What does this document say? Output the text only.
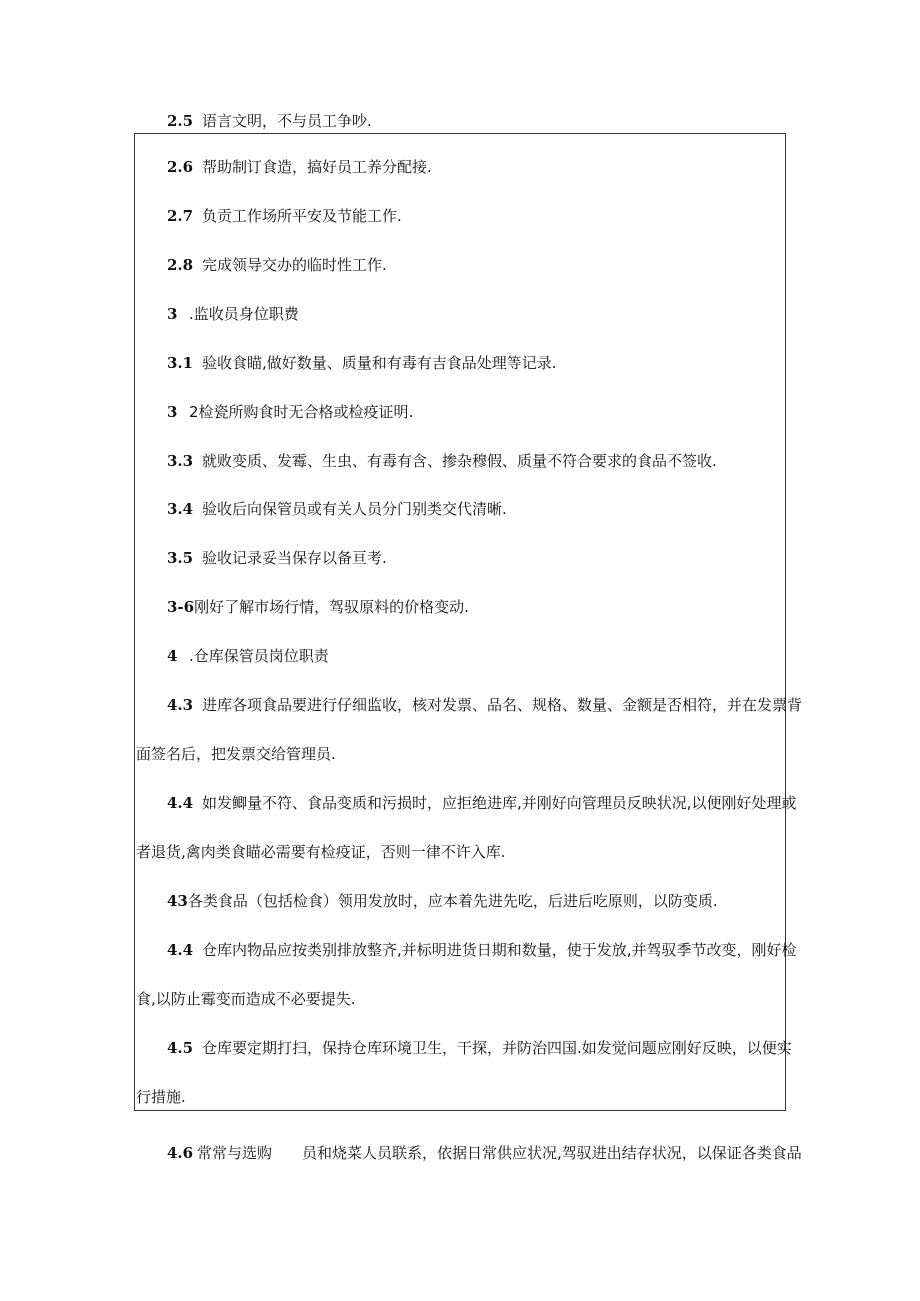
2.5 语言文明，不与员工争吵.
2.6 帮助制订食造，搞好员工养分配接.
2.7 负贡工作场所平安及节能工作.
2.8 完成领导交办的临时性工作.
3 .监收员身位职费
3.1 验收食瞄,做好数量、质量和有毒有吉食品处理等记录.
3 2检瓷所购食时无合格或检疫证明.
3.3 就败变质、发霉、生虫、有毒有含、掺杂穆假、质量不符合要求的食品不签收.
3.4 验收后向保管员或有关人员分门别类交代清晰.
3.5 验收记录妥当保存以备亘考.
3-6刚好了解市场行情，驾驭原料的价格变动.
4 .仓库保管员岗位职责
4.3 进库各项食品要进行仔细监收，核对发票、品名、规格、数量、金额是否相符，并在发票背
面签名后，把发票交给管理员.
4.4 如发鲫量不符、食品变质和污损时，应拒绝进库,并刚好向管理员反映状况,以便刚好处理或
者退货,禽肉类食瞄必需要有检疫证，否则一律不许入库.
43各类食品（包括检食）领用发放时，应本着先进先吃，后进后吃原则，以防变质.
4.4 仓库内物品应按类别排放整齐,并标明进货日期和数量，使于发放,并驾驭季节改变，刚好检
食,以防止霉变而造成不必要提失.
4.5 仓库要定期打扫，保持仓库环境卫生，干探，并防治四国.如发觉问题应刚好反映，以便实
行措施.
4.6 常常与选购　　员和烧菜人员联系，依据日常供应状况,驾驭进出结存状况，以保证各类食品
